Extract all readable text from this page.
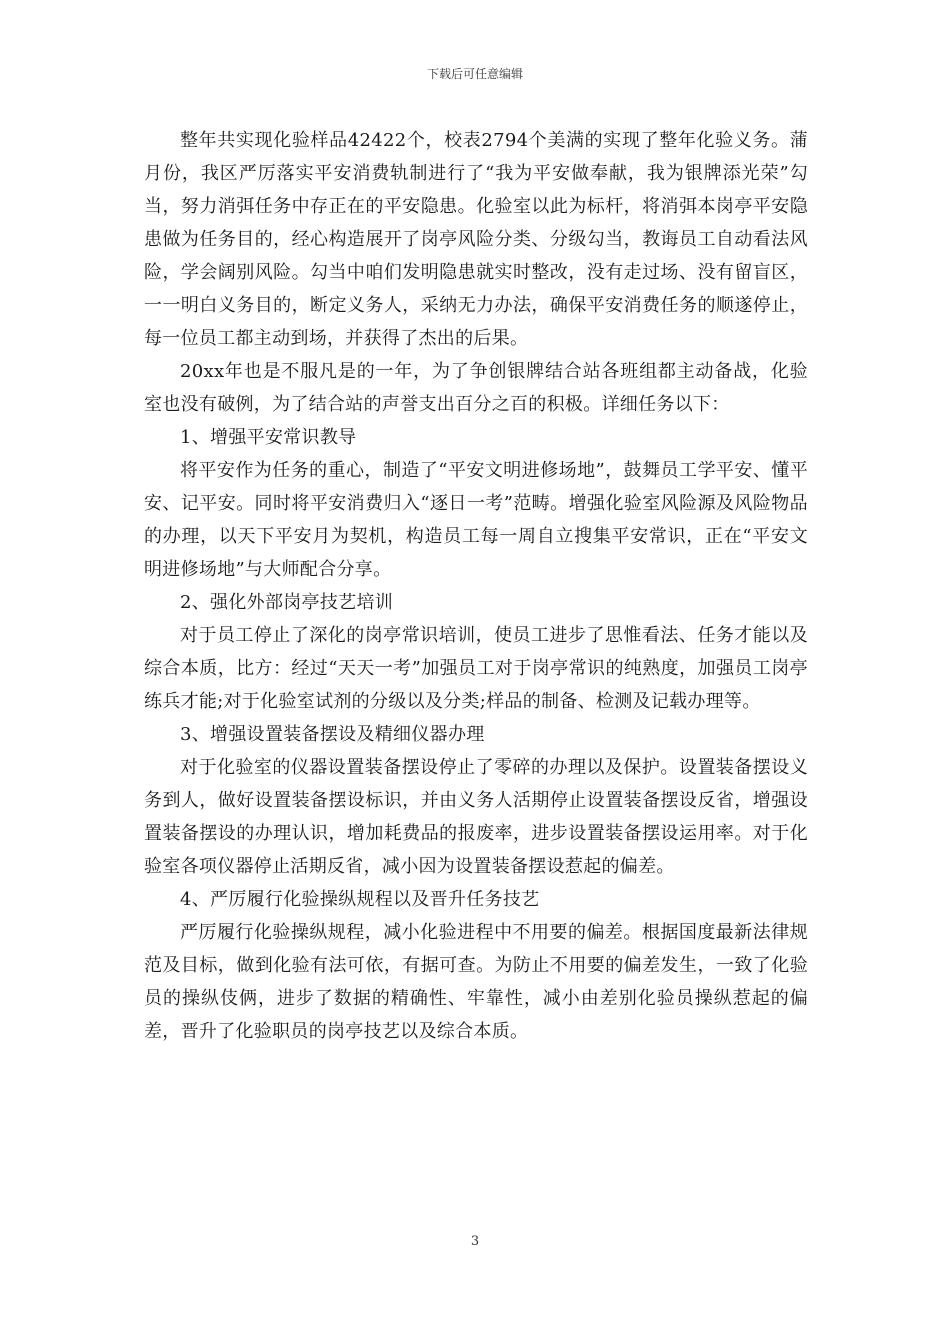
下载后可任意编辑

整年共实现化验样品42422个，校表2794个美满的实现了整年化验义务。蒲月份，我区严厉落实平安消费轨制进行了“我为平安做奉献，我为银牌添光荣”勾当，努力消弭任务中存正在的平安隐患。化验室以此为标杆，将消弭本岗亭平安隐患做为任务目的，经心构造展开了岗亭风险分类、分级勾当，教诲员工自动看法风险，学会阔别风险。勾当中咱们发明隐患就实时整改，没有走过场、没有留盲区，一一明白义务目的，断定义务人，采纳无力办法，确保平安消费任务的顺遂停止，每一位员工都主动到场，并获得了杰出的后果。

20xx年也是不服凡是的一年，为了争创银牌结合站各班组都主动备战，化验室也没有破例，为了结合站的声誉支出百分之百的积极。详细任务以下：

1、增强平安常识教导

将平安作为任务的重心，制造了“平安文明进修场地”，鼓舞员工学平安、懂平安、记平安。同时将平安消费归入“逐日一考”范畴。增强化验室风险源及风险物品的办理，以天下平安月为契机，构造员工每一周自立搜集平安常识，正在“平安文明进修场地”与大师配合分享。

2、强化外部岗亭技艺培训

对于员工停止了深化的岗亭常识培训，使员工进步了思惟看法、任务才能以及综合本质，比方：经过“天天一考”加强员工对于岗亭常识的纯熟度，加强员工岗亭练兵才能;对于化验室试剂的分级以及分类;样品的制备、检测及记载办理等。

3、增强设置装备摆设及精细仪器办理

对于化验室的仪器设置装备摆设停止了零碎的办理以及保护。设置装备摆设义务到人，做好设置装备摆设标识，并由义务人活期停止设置装备摆设反省，增强设置装备摆设的办理认识，增加耗费品的报废率，进步设置装备摆设运用率。对于化验室各项仪器停止活期反省，减小因为设置装备摆设惹起的偏差。

4、严厉履行化验操纵规程以及晋升任务技艺

严厉履行化验操纵规程，减小化验进程中不用要的偏差。根据国度最新法律规范及目标，做到化验有法可依，有据可查。为防止不用要的偏差发生，一致了化验员的操纵伎俩，进步了数据的精确性、牢靠性，减小由差别化验员操纵惹起的偏差，晋升了化验职员的岗亭技艺以及综合本质。

3
